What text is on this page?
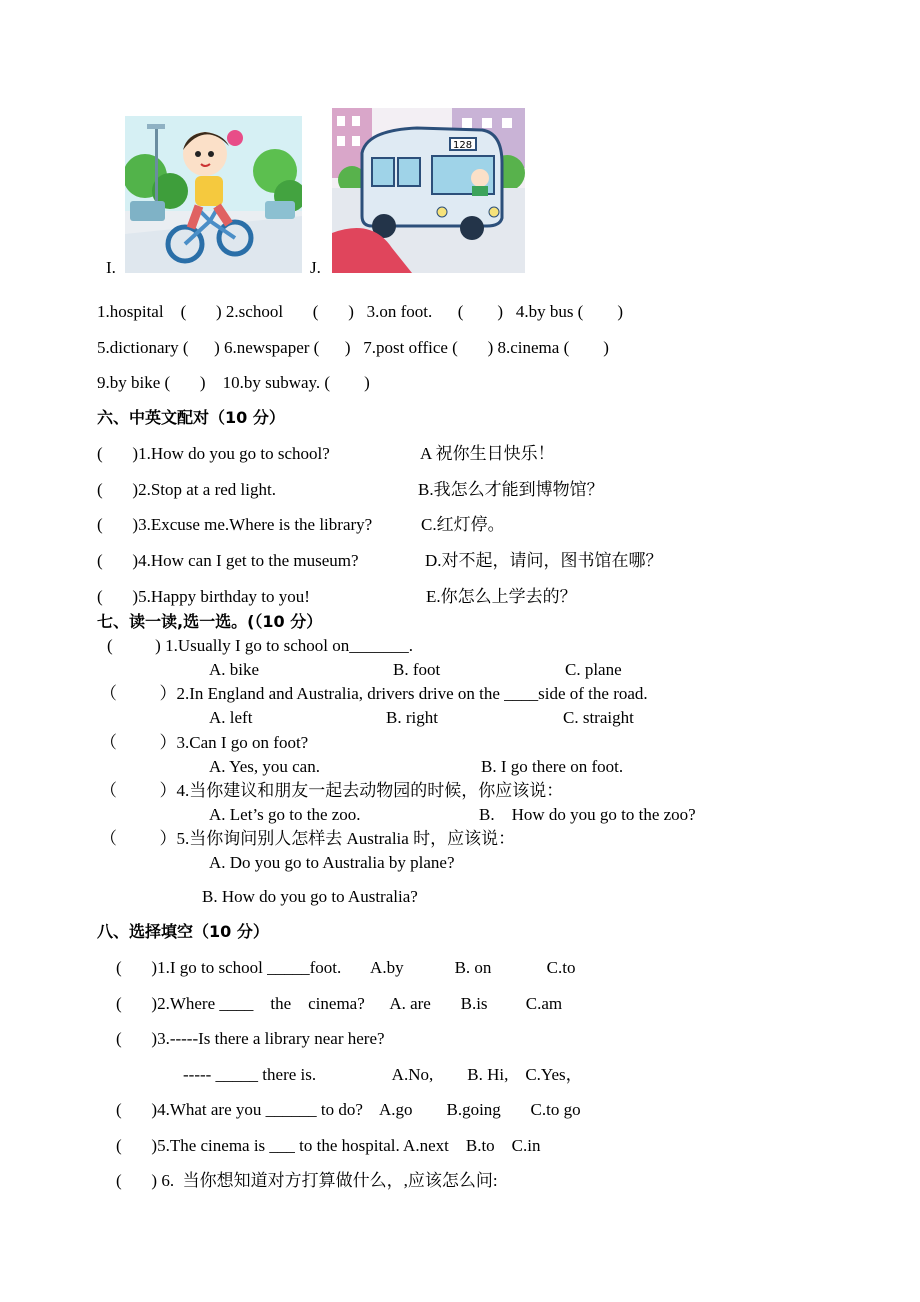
I.	J.
128
1.hospital    (       ) 2.school       (       )   3.on foot.      (        )   4.by bus (        )
5.dictionary (      ) 6.newspaper (      )   7.post office (       ) 8.cinema (        )
9.by bike (       )    10.by subway. (        )
六、中英文配对（10 分）
(       )1.How do you go to school?	A 祝你生日快乐！
(       )2.Stop at a red light.	B.我怎么才能到博物馆？
(       )3.Excuse me.Where is the library?	C.红灯停。
(       )4.How can I get to the museum?	D.对不起，请问，图书馆在哪？
(       )5.Happy birthday to you!	E.你怎么上学去的？
七、读一读,选一选。(（10 分）
(          ) 1.Usually I go to school on_______.
A. bike	B. foot	C. plane
（          ）2.In England and Australia, drivers drive on the ____side of the road.
A. left	B. right	C. straight
（          ）3.Can I go on foot?
A. Yes, you can.	B. I go there on foot.
（          ）4.当你建议和朋友一起去动物园的时候，你应该说：
A. Let’s go to the zoo.	B.    How do you go to the zoo?
（          ）5.当你询问别人怎样去 Australia 时，应该说：
A. Do you go to Australia by plane?
B. How do you go to Australia?
八、选择填空（10 分）
(       )1.I go to school _____foot.       A.by            B. on             C.to
(       )2.Where ____    the    cinema?      A. are       B.is         C.am
(       )3.-----Is there a library near here?
----- _____ there is.                  A.No,        B. Hi,    C.Yes，
(       )4.What are you ______ to do?    A.go        B.going       C.to go
(       )5.The cinema is ___ to the hospital. A.next    B.to    C.in
(       ) 6.  当你想知道对方打算做什么，,应该怎么问:
